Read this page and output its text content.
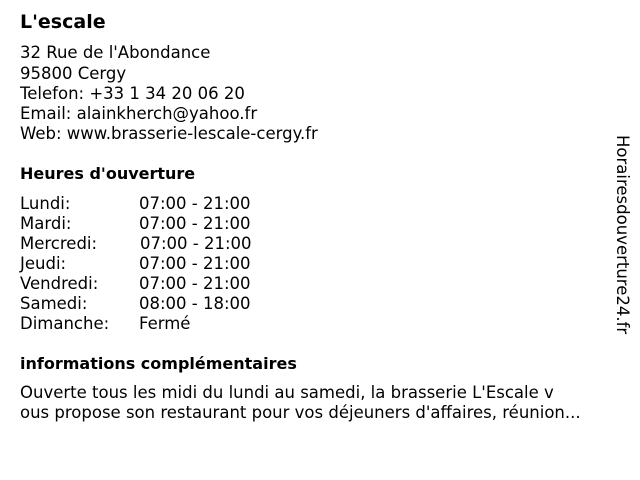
L'escale
32 Rue de l'Abondance
95800 Cergy
Telefon: +33 1 34 20 06 20
Email: alainkherch@yahoo.fr
Web: www.brasserie-lescale-cergy.fr
Heures d'ouverture
Lundi:	07:00 - 21:00
Mardi:	07:00 - 21:00
Mercredi:	07:00 - 21:00
Jeudi:	07:00 - 21:00
Vendredi: 07:00 - 21:00
Samedi:	08:00 - 18:00
Dimanche: Fermé
informations complémentaires
Ouverte tous les midi du lundi au samedi, la brasserie L'Escale v
ous propose son restaurant pour vos déjeuners d'affaires, réunion...
Horairesdouverture24.fr
